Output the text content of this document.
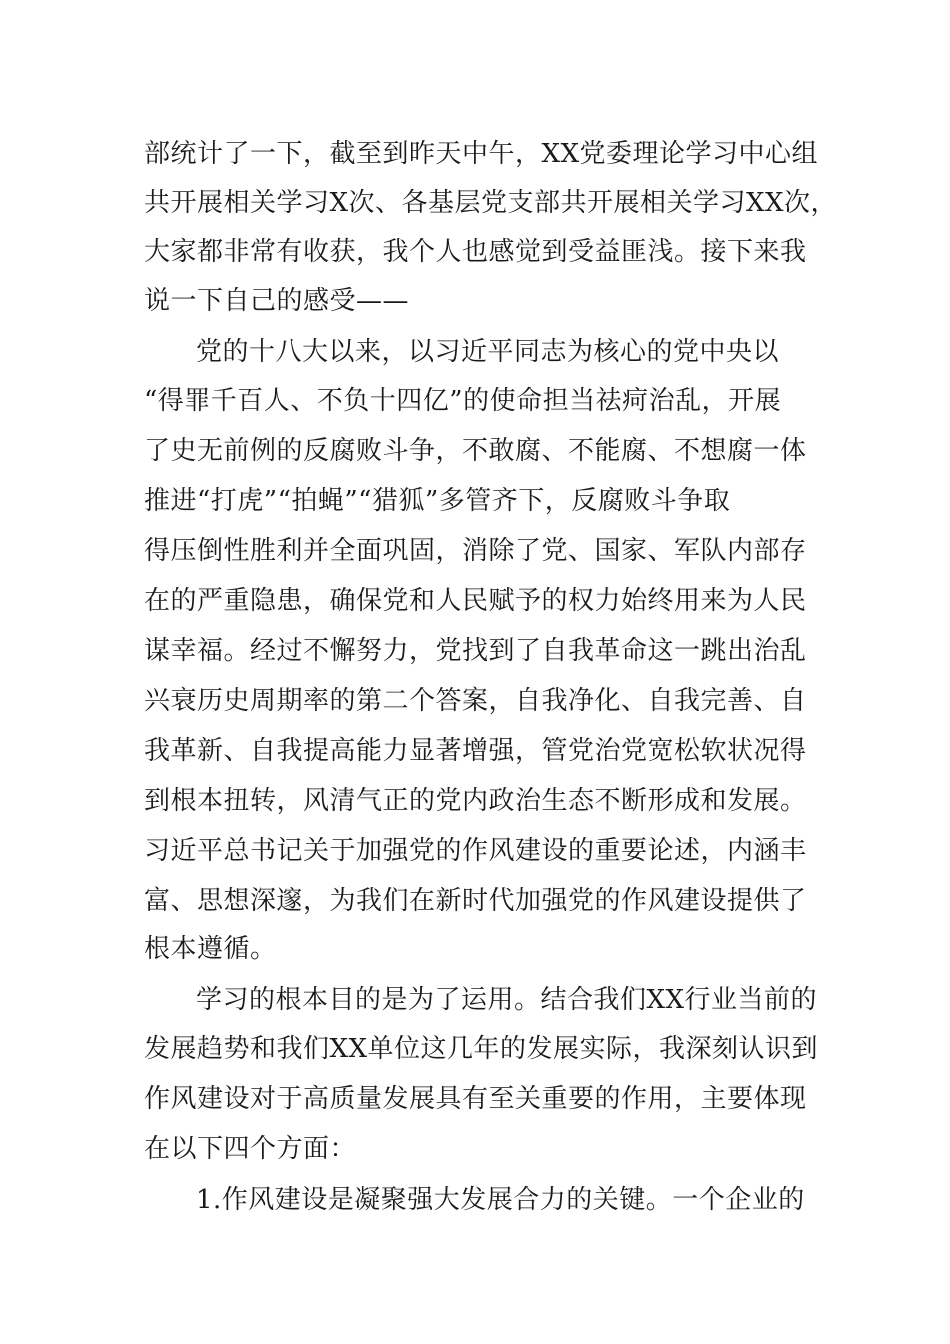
部统计了一下，截至到昨天中午，XX党委理论学习中心组
共开展相关学习X次、各基层党支部共开展相关学习XX次，
大家都非常有收获，我个人也感觉到受益匪浅。接下来我
说一下自己的感受——
党的十八大以来，以习近平同志为核心的党中央以
“得罪千百人、不负十四亿”的使命担当祛疴治乱，开展
了史无前例的反腐败斗争，不敢腐、不能腐、不想腐一体
推进“打虎”“拍蝇”“猎狐”多管齐下，反腐败斗争取
得压倒性胜利并全面巩固，消除了党、国家、军队内部存
在的严重隐患，确保党和人民赋予的权力始终用来为人民
谋幸福。经过不懈努力，党找到了自我革命这一跳出治乱
兴衰历史周期率的第二个答案，自我净化、自我完善、自
我革新、自我提高能力显著增强，管党治党宽松软状况得
到根本扭转，风清气正的党内政治生态不断形成和发展。
习近平总书记关于加强党的作风建设的重要论述，内涵丰
富、思想深邃，为我们在新时代加强党的作风建设提供了
根本遵循。
学习的根本目的是为了运用。结合我们XX行业当前的
发展趋势和我们XX单位这几年的发展实际，我深刻认识到
作风建设对于高质量发展具有至关重要的作用，主要体现
在以下四个方面：
1.作风建设是凝聚强大发展合力的关键。一个企业的
